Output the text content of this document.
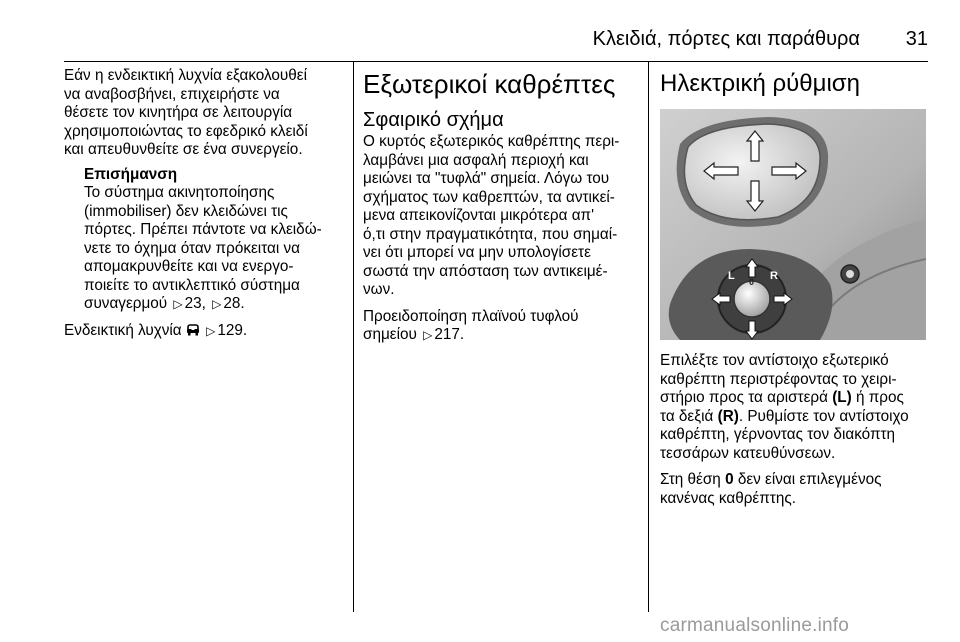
Κλειδιά, πόρτες και παράθυρα 31

Εάν η ενδεικτική λυχνία εξακολουθεί

να αναβοσβήνει, επιχειρήστε να

θέσετε τον κινητήρα σε λειτουργία

χρησιμοποιώντας το εφεδρικό κλειδί

και απευθυνθείτε σε ένα συνεργείο.

Επισήμανση

Το σύστημα ακινητοποίησης

(immobiliser) δεν κλειδώνει τις

πόρτες. Πρέπει πάντοτε να κλειδώ-

νετε το όχημα όταν πρόκειται να

απομακρυνθείτε και να ενεργο-

ποιείτε το αντικλεπτικό σύστημα

συναγερμού ▷ 23, ▷ 28.

Ενδεικτική λυχνία ▷ 129.

Εξωτερικοί καθρέπτες
Σφαιρικό σχήμα

Ο κυρτός εξωτερικός καθρέπτης περι-

λαμβάνει μια ασφαλή περιοχή και

μειώνει τα "τυφλά" σημεία. Λόγω του

σχήματος των καθρεπτών, τα αντικεί-

μενα απεικονίζονται μικρότερα απ'

ό,τι στην πραγματικότητα, που σημαί-

νει ότι μπορεί να μην υπολογίσετε

σωστά την απόσταση των αντικειμέ-

νων.

Προειδοποίηση πλαϊνού τυφλού

σημείου ▷ 217.

Ηλεκτρική ρύθμιση
L	R
0

Επιλέξτε τον αντίστοιχο εξωτερικό

καθρέπτη περιστρέφοντας το χειρι-

στήριο προς τα αριστερά (L) ή προς

τα δεξιά (R). Ρυθμίστε τον αντίστοιχο

καθρέπτη, γέρνοντας τον διακόπτη

τεσσάρων κατευθύνσεων.

Στη θέση 0 δεν είναι επιλεγμένος

κανένας καθρέπτης.

carmanualsonline.info
